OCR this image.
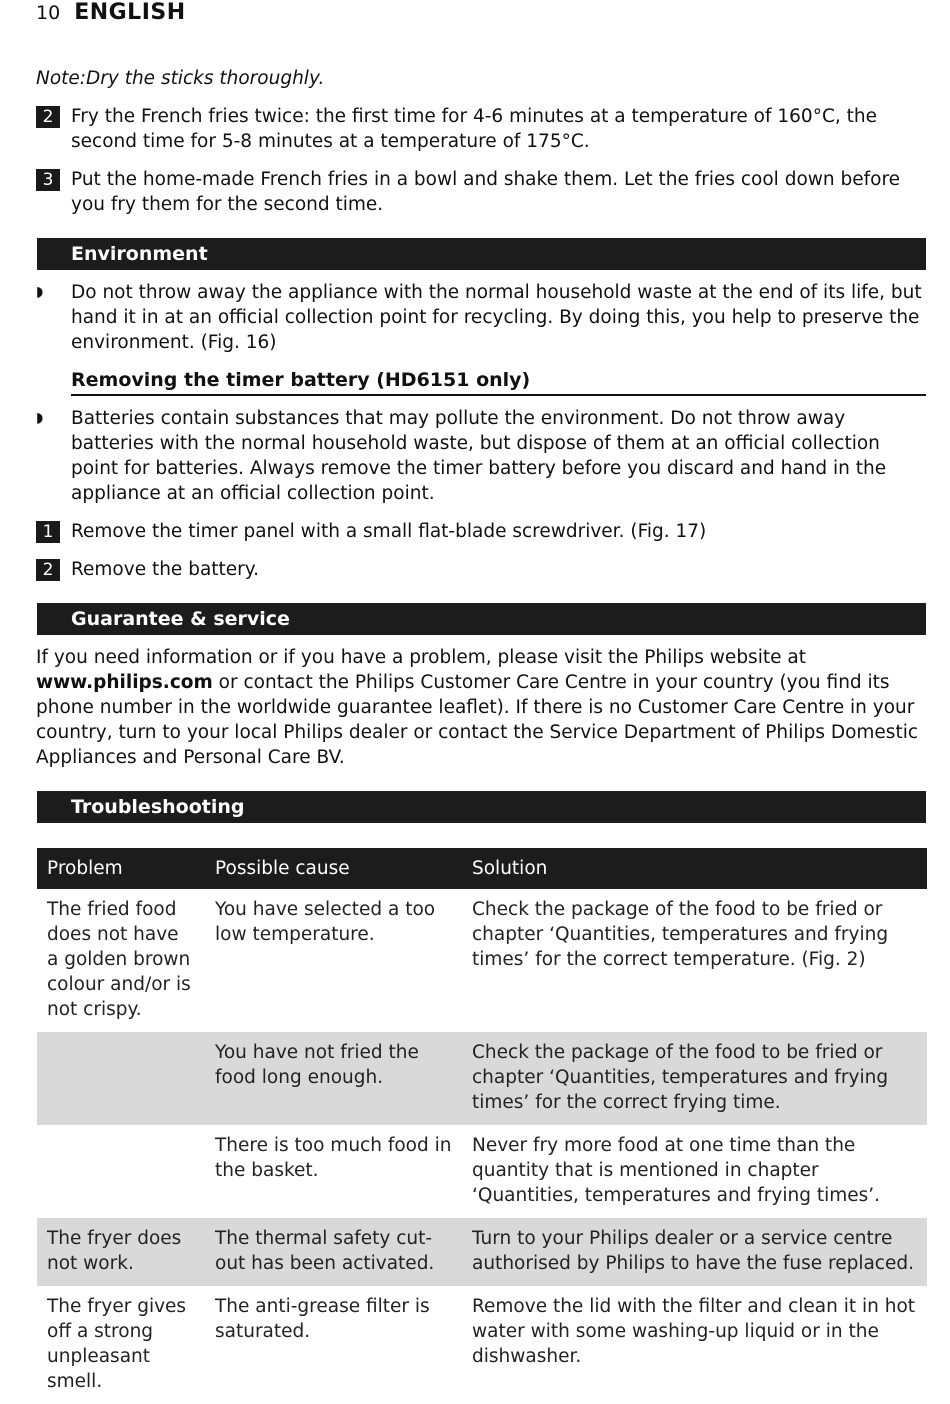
10 ENGLISH
Note:Dry the sticks thoroughly.
2 Fry the French fries twice: the first time for 4-6 minutes at a temperature of 160°C, the second time for 5-8 minutes at a temperature of 175°C.
3 Put the home-made French fries in a bowl and shake them. Let the fries cool down before you fry them for the second time.
Environment
◗	Do not throw away the appliance with the normal household waste at the end of its life, but hand it in at an official collection point for recycling. By doing this, you help to preserve the environment. (Fig. 16)
Removing the timer battery (HD6151 only)
◗	Batteries contain substances that may pollute the environment. Do not throw away batteries with the normal household waste, but dispose of them at an official collection point for batteries. Always remove the timer battery before you discard and hand in the appliance at an official collection point.
1 Remove the timer panel with a small flat-blade screwdriver. (Fig. 17)
2 Remove the battery.
Guarantee & service
If you need information or if you have a problem, please visit the Philips website at www.philips.com or contact the Philips Customer Care Centre in your country (you find its phone number in the worldwide guarantee leaflet). If there is no Customer Care Centre in your country, turn to your local Philips dealer or contact the Service Department of Philips Domestic Appliances and Personal Care BV.
Troubleshooting
Problem	Possible cause	Solution
The fried food does not have a golden brown colour and/or is not crispy.	You have selected a too low temperature.	Check the package of the food to be fried or chapter ‘Quantities, temperatures and frying times’ for the correct temperature. (Fig. 2)
	You have not fried the food long enough.	Check the package of the food to be fried or chapter ‘Quantities, temperatures and frying times’ for the correct frying time.
	There is too much food in the basket.	Never fry more food at one time than the quantity that is mentioned in chapter ‘Quantities, temperatures and frying times’.
The fryer does not work.	The thermal safety cut-out has been activated.	Turn to your Philips dealer or a service centre authorised by Philips to have the fuse replaced.
The fryer gives off a strong unpleasant smell.	The anti-grease filter is saturated.	Remove the lid with the filter and clean it in hot water with some washing-up liquid or in the dishwasher.
